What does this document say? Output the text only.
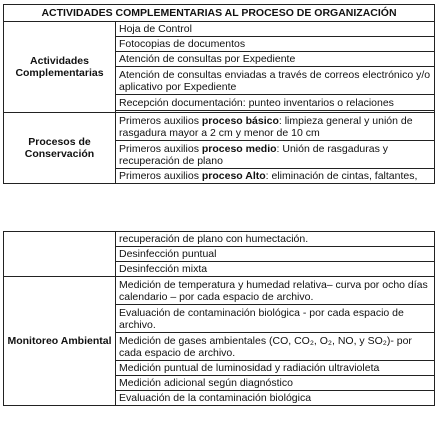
ACTIVIDADES COMPLEMENTARIAS AL PROCESO DE ORGANIZACIÓN	
Actividades Complementarias	Hoja de Control
	Fotocopias de documentos
	Atención de consultas por Expediente
	Atención de consultas enviadas a través de correos electrónico y/o aplicativo por Expediente
	Recepción documentación: punteo inventarios o relaciones

Procesos de Conservación	Primeros auxilios proceso básico: limpieza general y unión de rasgadura mayor a 2 cm y menor de 10 cm
	Primeros auxilios proceso medio: Unión de rasgaduras y recuperación de plano
	Primeros auxilios proceso Alto: eliminación de cintas, faltantes,
	recuperación de plano con humectación.
	Desinfección puntual
	Desinfección mixta
Monitoreo Ambiental	Medición de temperatura y humedad relativa– curva por ocho días calendario – por cada espacio de archivo.
	Evaluación de contaminación biológica - por cada espacio de archivo.
	Medición de gases ambientales (CO, CO₂, O₂, NO, y SO₂)- por cada espacio de archivo.
	Medición puntual de luminosidad y radiación ultravioleta
	Medición adicional según diagnóstico
	Evaluación de la contaminación biológica
